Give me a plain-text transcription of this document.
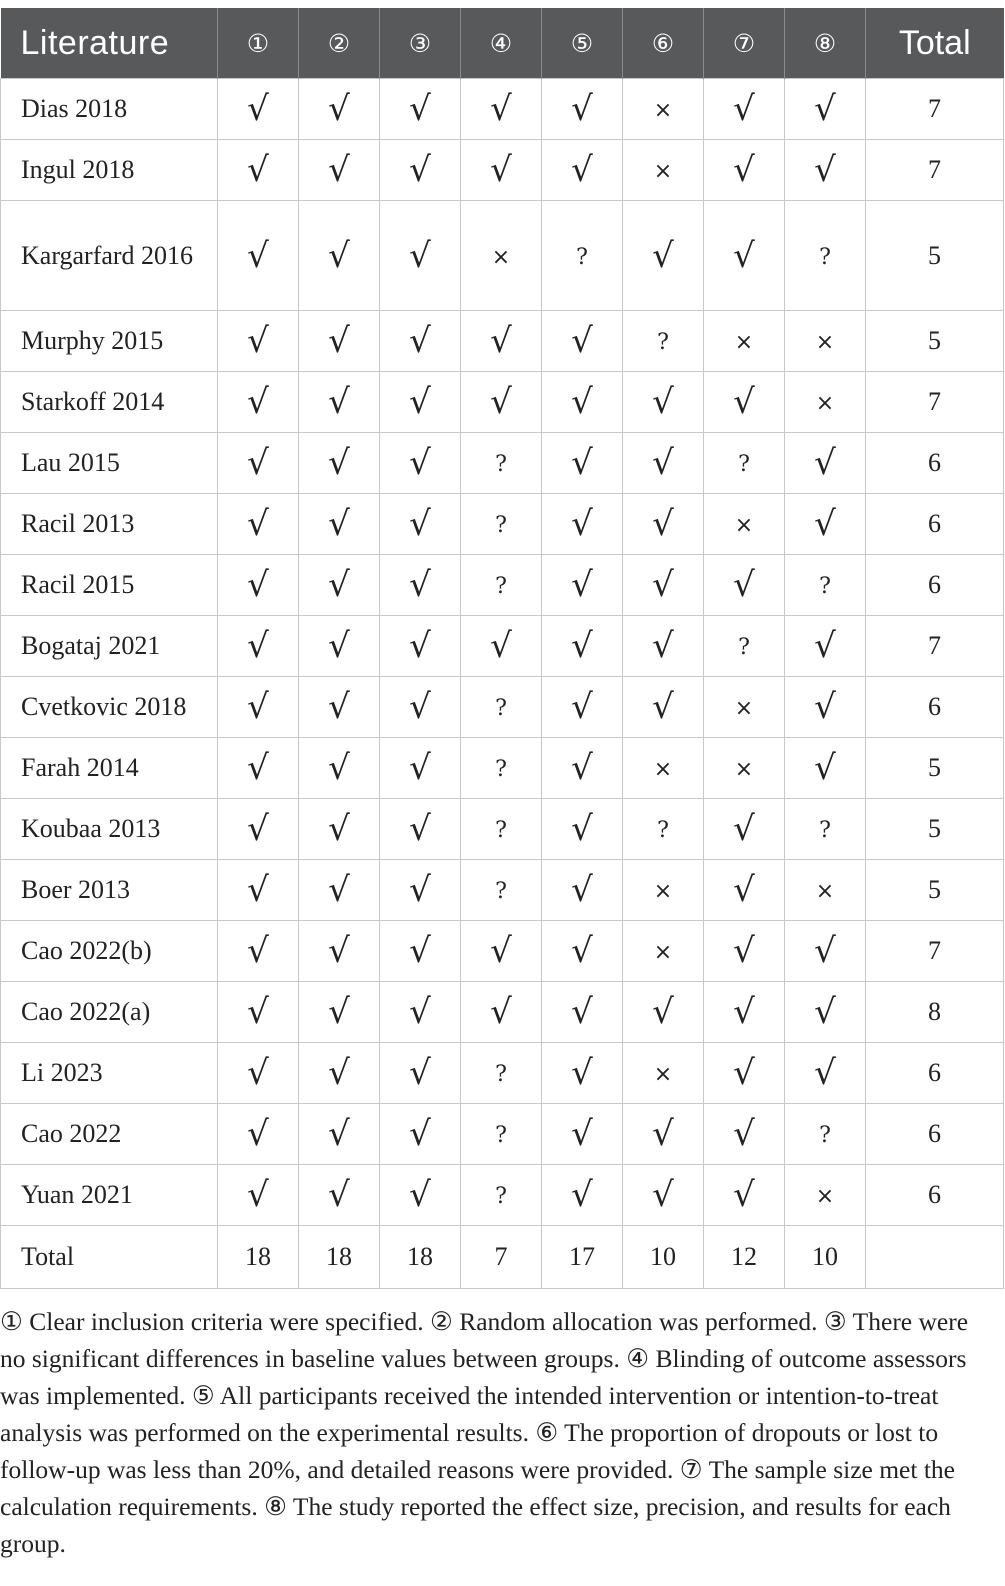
Literature	①	②	③	④	⑤	⑥	⑦	⑧	Total
Dias 2018	√	√	√	√	√	×	√	√	7
Ingul 2018	√	√	√	√	√	×	√	√	7
Kargarfard 2016	√	√	√	×	?	√	√	?	5
Murphy 2015	√	√	√	√	√	?	×	×	5
Starkoff 2014	√	√	√	√	√	√	√	×	7
Lau 2015	√	√	√	?	√	√	?	√	6
Racil 2013	√	√	√	?	√	√	×	√	6
Racil 2015	√	√	√	?	√	√	√	?	6
Bogataj 2021	√	√	√	√	√	√	?	√	7
Cvetkovic 2018	√	√	√	?	√	√	×	√	6
Farah 2014	√	√	√	?	√	×	×	√	5
Koubaa 2013	√	√	√	?	√	?	√	?	5
Boer 2013	√	√	√	?	√	×	√	×	5
Cao 2022(b)	√	√	√	√	√	×	√	√	7
Cao 2022(a)	√	√	√	√	√	√	√	√	8
Li 2023	√	√	√	?	√	×	√	√	6
Cao 2022	√	√	√	?	√	√	√	?	6
Yuan 2021	√	√	√	?	√	√	√	×	6
Total	18	18	18	7	17	10	12	10	

① Clear inclusion criteria were specified. ② Random allocation was performed. ③ There were no significant differences in baseline values between groups. ④ Blinding of outcome assessors was implemented. ⑤ All participants received the intended intervention or intention-to-treat analysis was performed on the experimental results. ⑥ The proportion of dropouts or lost to follow-up was less than 20%, and detailed reasons were provided. ⑦ The sample size met the calculation requirements. ⑧ The study reported the effect size, precision, and results for each group.
